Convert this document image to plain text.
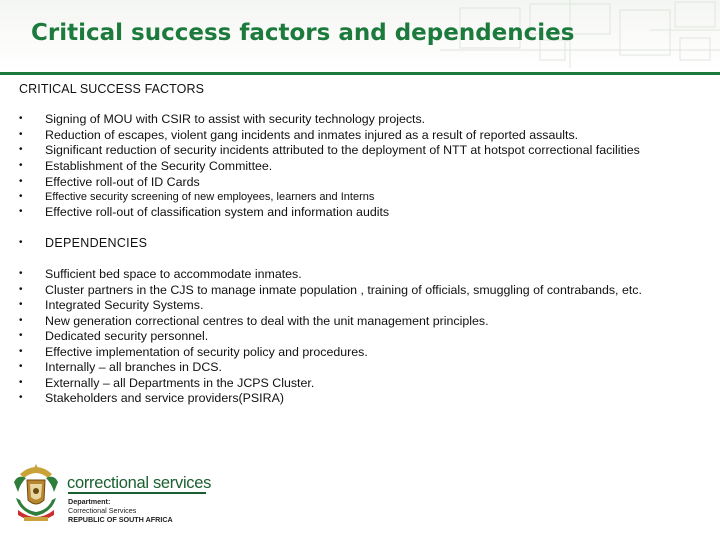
Critical success factors and dependencies
CRITICAL SUCCESS FACTORS
•	Signing of MOU with CSIR to assist with security technology projects.
•	Reduction of escapes, violent gang incidents and inmates injured as a result of reported assaults.
•	Significant reduction of security incidents attributed to the deployment of NTT at hotspot correctional facilities
•	Establishment of the Security Committee.
•	Effective roll-out of ID Cards
•	Effective security screening of new employees, learners and Interns
•	Effective roll-out of classification system and information audits
•	DEPENDENCIES
•	Sufficient bed space to accommodate inmates.
•	Cluster partners in the CJS to manage inmate population , training of officials, smuggling of contrabands, etc.
•	Integrated Security Systems.
•	New generation correctional centres to deal with the unit management principles.
•	Dedicated security personnel.
•	Effective implementation of security policy and procedures.
•	Internally – all branches in DCS.
•	Externally – all Departments in the JCPS Cluster.
•	Stakeholders and service providers(PSIRA)
correctional services
Department:
Correctional Services
REPUBLIC OF SOUTH AFRICA
